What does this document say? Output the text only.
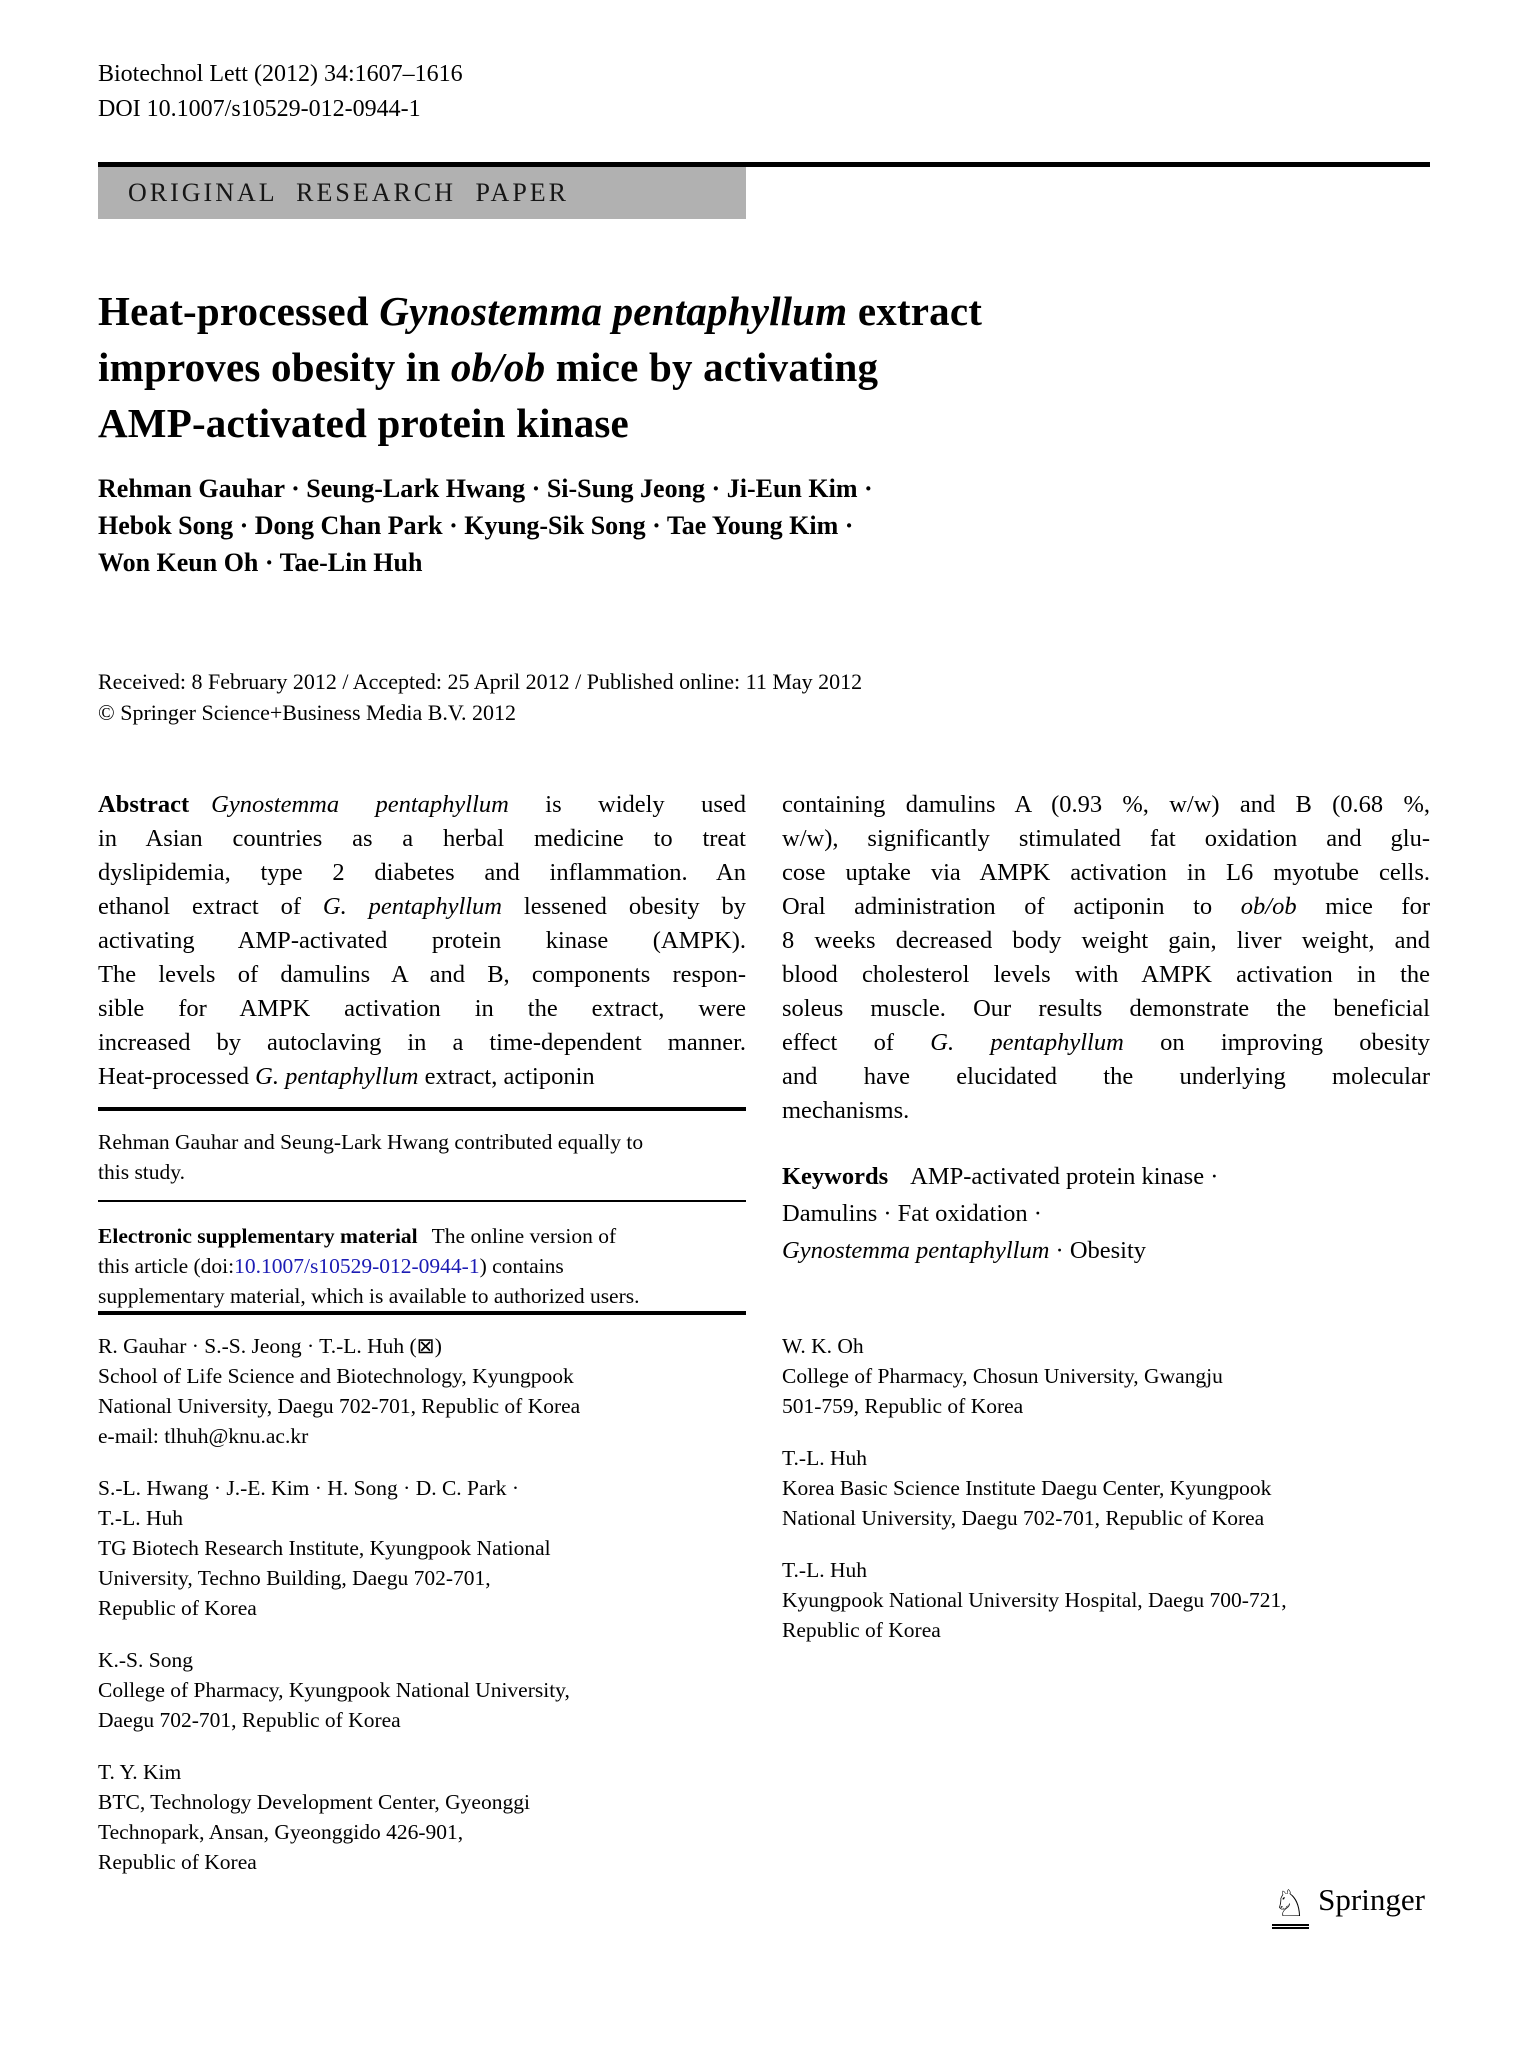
Biotechnol Lett (2012) 34:1607–1616
DOI 10.1007/s10529-012-0944-1
ORIGINAL RESEARCH PAPER
Heat-processed Gynostemma pentaphyllum extract
improves obesity in ob/ob mice by activating
AMP-activated protein kinase
Rehman Gauhar · Seung-Lark Hwang · Si-Sung Jeong · Ji-Eun Kim ·
Hebok Song · Dong Chan Park · Kyung-Sik Song · Tae Young Kim ·
Won Keun Oh · Tae-Lin Huh
Received: 8 February 2012 / Accepted: 25 April 2012 / Published online: 11 May 2012
© Springer Science+Business Media B.V. 2012
Abstract Gynostemma pentaphyllum is widely used
in Asian countries as a herbal medicine to treat
dyslipidemia, type 2 diabetes and inflammation. An
ethanol extract of G. pentaphyllum lessened obesity by
activating AMP-activated protein kinase (AMPK).
The levels of damulins A and B, components respon-
sible for AMPK activation in the extract, were
increased by autoclaving in a time-dependent manner.
Heat-processed G. pentaphyllum extract, actiponin
containing damulins A (0.93 %, w/w) and B (0.68 %,
w/w), significantly stimulated fat oxidation and glu-
cose uptake via AMPK activation in L6 myotube cells.
Oral administration of actiponin to ob/ob mice for
8 weeks decreased body weight gain, liver weight, and
blood cholesterol levels with AMPK activation in the
soleus muscle. Our results demonstrate the beneficial
effect of G. pentaphyllum on improving obesity
and have elucidated the underlying molecular
mechanisms.
Keywords AMP-activated protein kinase ·
Damulins · Fat oxidation ·
Gynostemma pentaphyllum · Obesity
Rehman Gauhar and Seung-Lark Hwang contributed equally to
this study.
Electronic supplementary material The online version of
this article (doi:10.1007/s10529-012-0944-1) contains
supplementary material, which is available to authorized users.
R. Gauhar · S.-S. Jeong · T.-L. Huh (⊠)
School of Life Science and Biotechnology, Kyungpook
National University, Daegu 702-701, Republic of Korea
e-mail: tlhuh@knu.ac.kr
S.-L. Hwang · J.-E. Kim · H. Song · D. C. Park ·
T.-L. Huh
TG Biotech Research Institute, Kyungpook National
University, Techno Building, Daegu 702-701,
Republic of Korea
K.-S. Song
College of Pharmacy, Kyungpook National University,
Daegu 702-701, Republic of Korea
T. Y. Kim
BTC, Technology Development Center, Gyeonggi
Technopark, Ansan, Gyeonggido 426-901,
Republic of Korea
W. K. Oh
College of Pharmacy, Chosun University, Gwangju
501-759, Republic of Korea
T.-L. Huh
Korea Basic Science Institute Daegu Center, Kyungpook
National University, Daegu 702-701, Republic of Korea
T.-L. Huh
Kyungpook National University Hospital, Daegu 700-721,
Republic of Korea
♘ Springer
